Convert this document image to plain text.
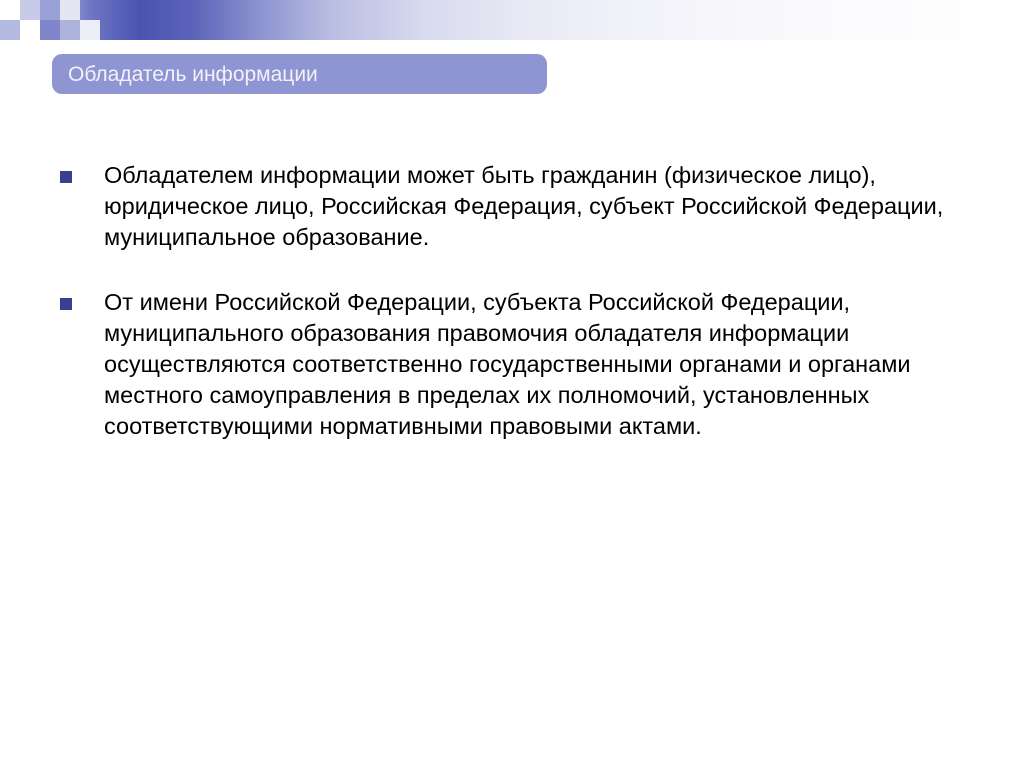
Обладатель информации
Обладателем информации может быть гражданин (физическое лицо), юридическое лицо, Российская Федерация, субъект Российской Федерации, муниципальное образование.
От имени Российской Федерации, субъекта Российской Федерации, муниципального образования правомочия обладателя информации осуществляются соответственно государственными органами и органами местного самоуправления в пределах их полномочий, установленных соответствующими нормативными правовыми актами.
